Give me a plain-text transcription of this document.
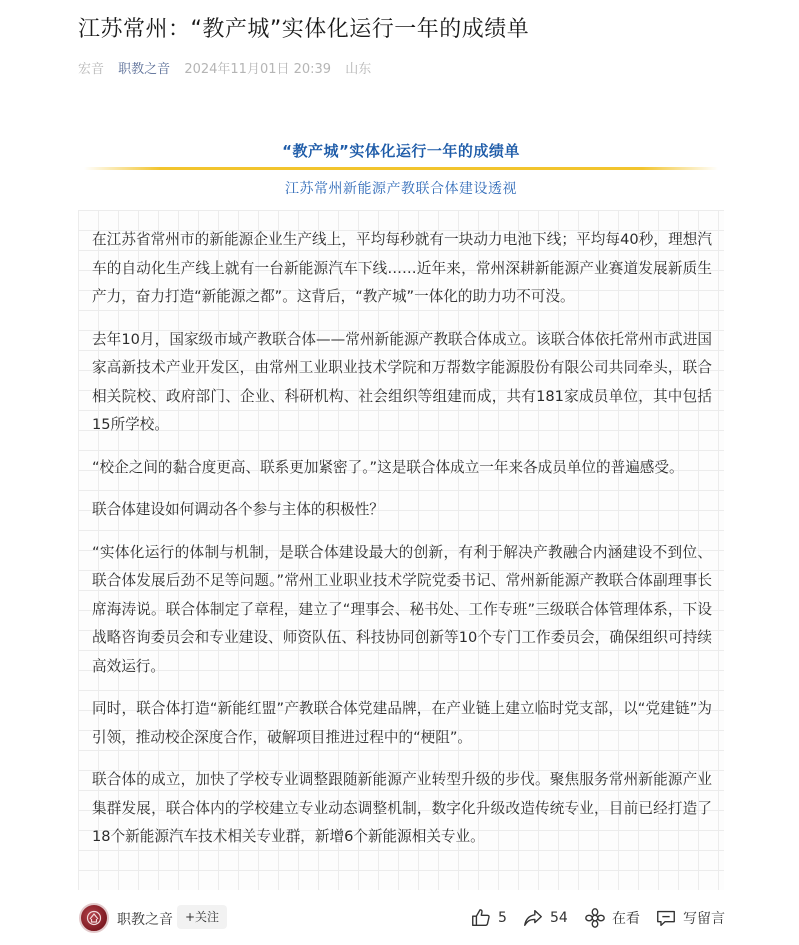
江苏常州：“教产城”实体化运行一年的成绩单
宏音 职教之音 2024年11月01日 20:39 山东
“教产城”实体化运行一年的成绩单
江苏常州新能源产教联合体建设透视

在江苏省常州市的新能源企业生产线上，平均每秒就有一块动力电池下线；平均每40秒，理想汽车的自动化生产线上就有一台新能源汽车下线……近年来，常州深耕新能源产业赛道发展新质生产力，奋力打造“新能源之都”。这背后，“教产城”一体化的助力功不可没。

去年10月，国家级市域产教联合体——常州新能源产教联合体成立。该联合体依托常州市武进国家高新技术产业开发区，由常州工业职业技术学院和万帮数字能源股份有限公司共同牵头，联合相关院校、政府部门、企业、科研机构、社会组织等组建而成，共有181家成员单位，其中包括15所学校。

“校企之间的黏合度更高、联系更加紧密了。”这是联合体成立一年来各成员单位的普遍感受。

联合体建设如何调动各个参与主体的积极性？

“实体化运行的体制与机制，是联合体建设最大的创新，有利于解决产教融合内涵建设不到位、联合体发展后劲不足等问题。”常州工业职业技术学院党委书记、常州新能源产教联合体副理事长席海涛说。联合体制定了章程，建立了“理事会、秘书处、工作专班”三级联合体管理体系，下设战略咨询委员会和专业建设、师资队伍、科技协同创新等10个专门工作委员会，确保组织可持续高效运行。

同时，联合体打造“新能红盟”产教联合体党建品牌，在产业链上建立临时党支部，以“党建链”为引领，推动校企深度合作，破解项目推进过程中的“梗阻”。

联合体的成立，加快了学校专业调整跟随新能源产业转型升级的步伐。聚焦服务常州新能源产业集群发展，联合体内的学校建立专业动态调整机制，数字化升级改造传统专业，目前已经打造了18个新能源汽车技术相关专业群，新增6个新能源相关专业。

职教之音	+关注	5	54	在看	写留言
